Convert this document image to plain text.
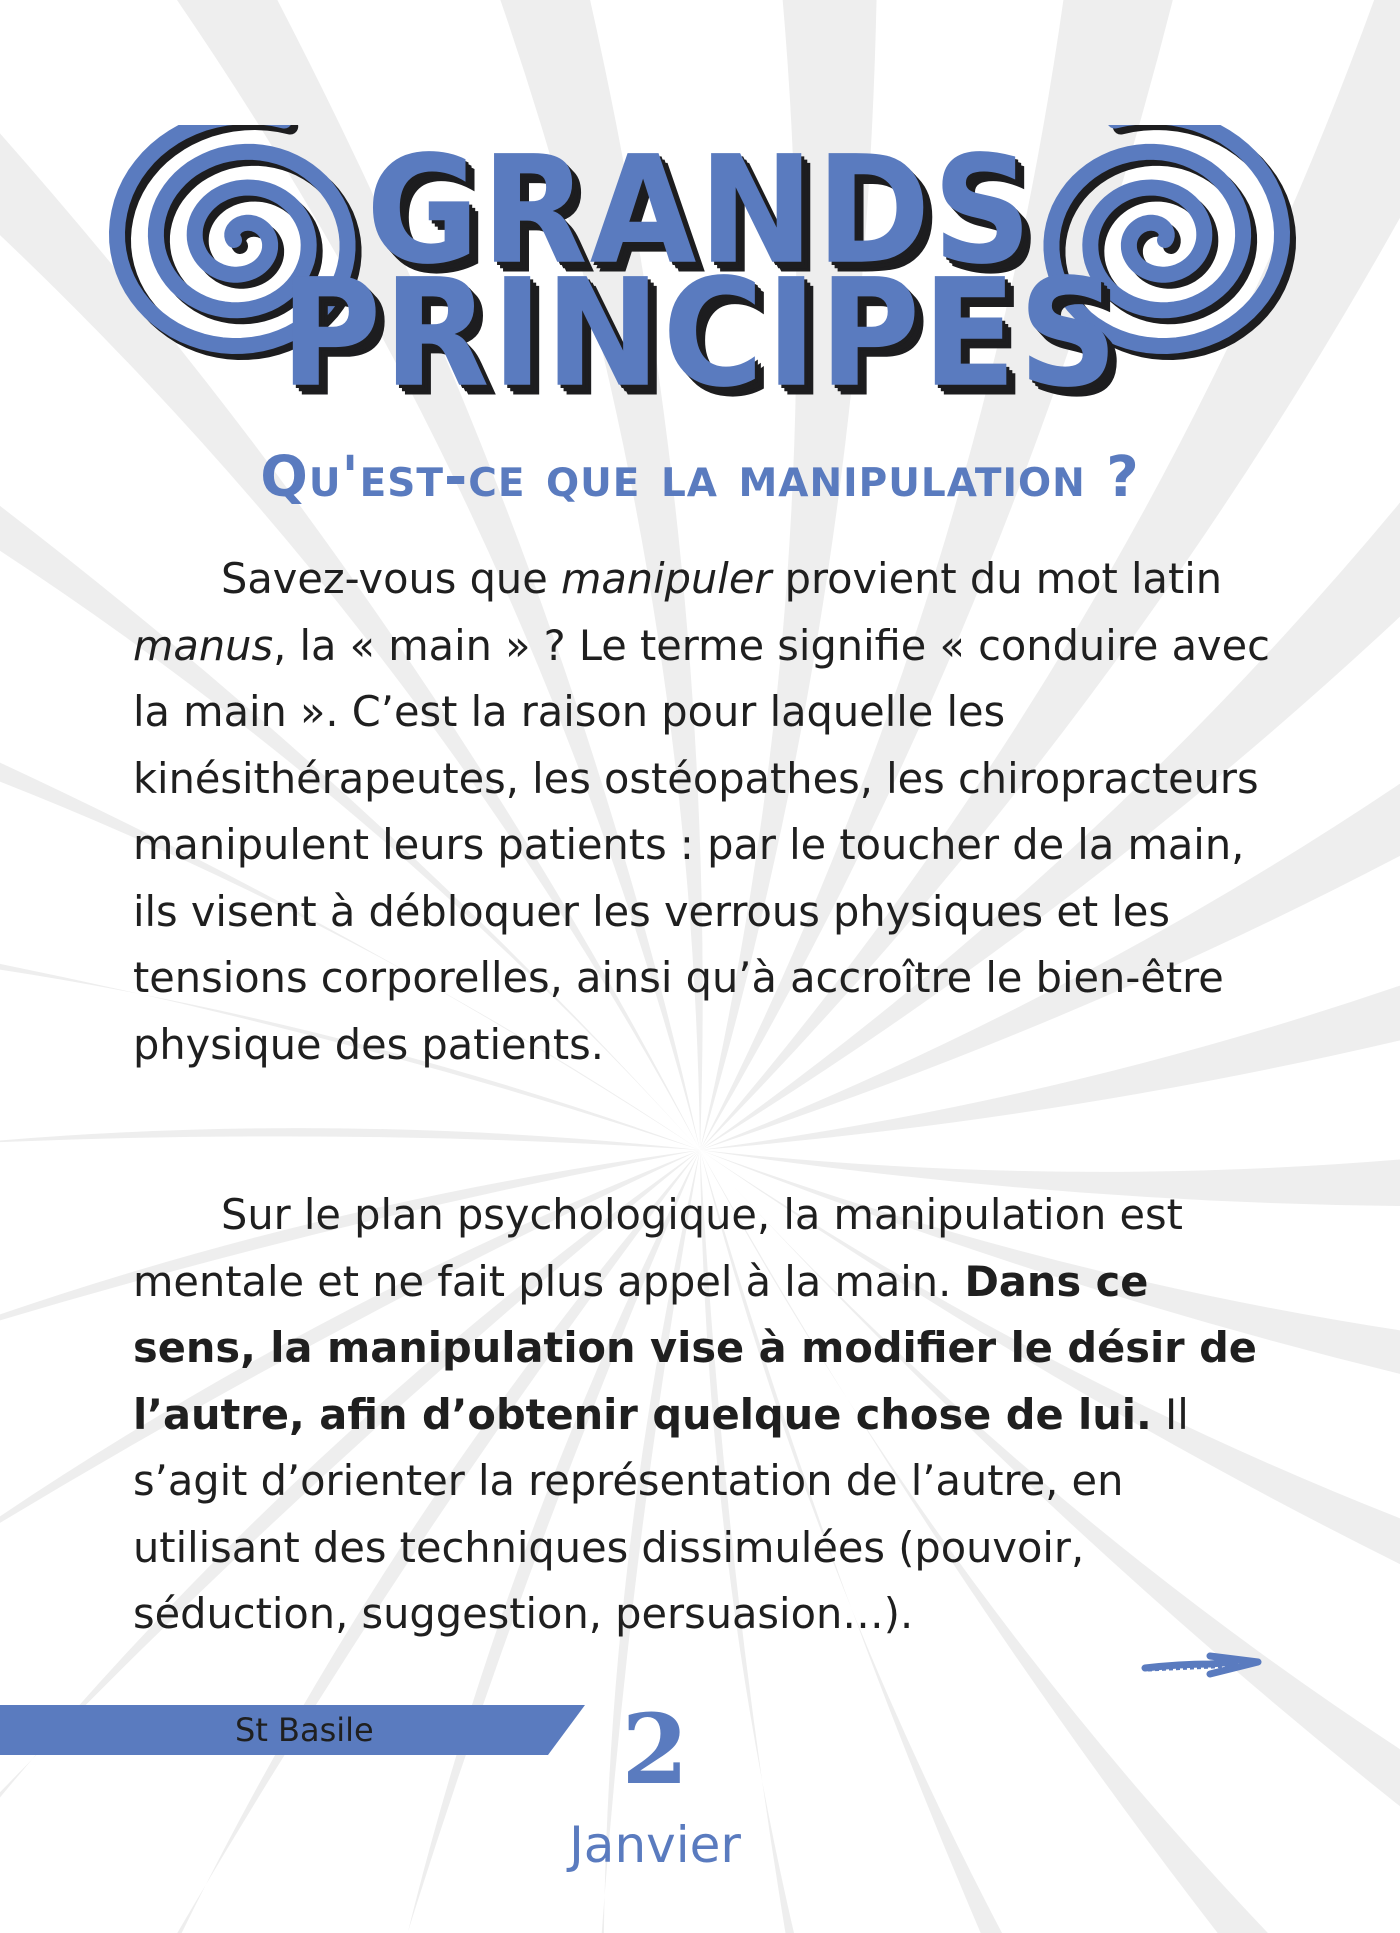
GRANDS
PRINCIPES
Qu'est-ce que la manipulation ?
Savez-vous que manipuler provient du mot latin manus, la « main » ? Le terme signifie « conduire avec la main ». C’est la raison pour laquelle les kinésithérapeutes, les ostéopathes, les chiropracteurs manipulent leurs patients : par le toucher de la main, ils visent à débloquer les verrous physiques et les tensions corporelles, ainsi qu’à accroître le bien-être physique des patients.
Sur le plan psychologique, la manipulation est mentale et ne fait plus appel à la main. Dans ce sens, la manipulation vise à modifier le désir de l’autre, afin d’obtenir quelque chose de lui. Il s’agit d’orienter la représentation de l’autre, en utilisant des techniques dissimulées (pouvoir, séduction, suggestion, persuasion…).
St Basile	2
Janvier
